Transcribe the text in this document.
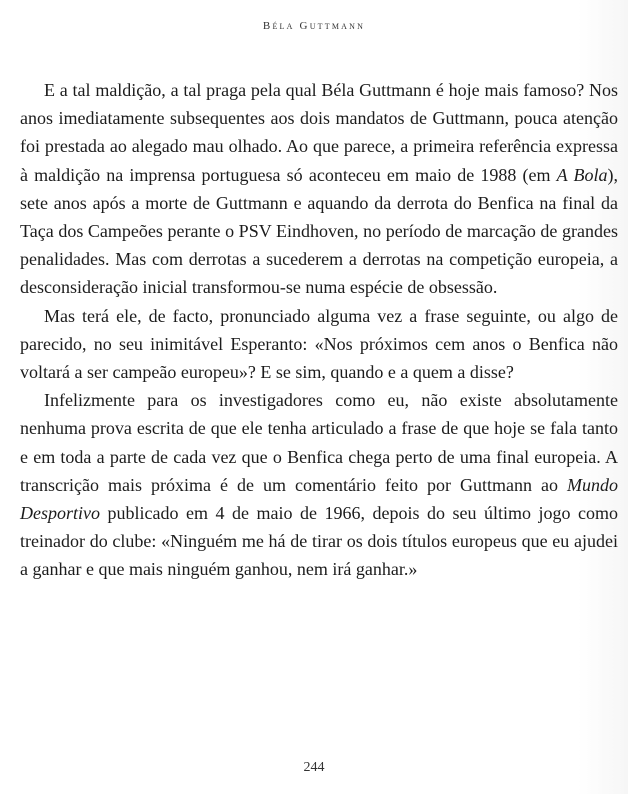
Béla Guttmann

E a tal maldição, a tal praga pela qual Béla Guttmann é hoje mais famoso? Nos anos imediatamente subsequentes aos dois mandatos de Guttmann, pouca atenção foi prestada ao alegado mau olhado. Ao que parece, a primeira referência expressa à maldição na imprensa portuguesa só aconteceu em maio de 1988 (em A Bola), sete anos após a morte de Guttmann e aquando da derrota do Benfica na final da Taça dos Campeões perante o PSV Eindhoven, no período de marcação de grandes penalidades. Mas com derrotas a sucederem a derrotas na competição europeia, a desconsideração inicial transformou-se numa espécie de obsessão.

Mas terá ele, de facto, pronunciado alguma vez a frase seguinte, ou algo de parecido, no seu inimitável Esperanto: «Nos próximos cem anos o Benfica não voltará a ser campeão europeu»? E se sim, quando e a quem a disse?

Infelizmente para os investigadores como eu, não existe absolutamente nenhuma prova escrita de que ele tenha articulado a frase de que hoje se fala tanto e em toda a parte de cada vez que o Benfica chega perto de uma final europeia. A transcrição mais próxima é de um comentário feito por Guttmann ao Mundo Desportivo publicado em 4 de maio de 1966, depois do seu último jogo como treinador do clube: «Ninguém me há de tirar os dois títulos europeus que eu ajudei a ganhar e que mais ninguém ganhou, nem irá ganhar.»

244
